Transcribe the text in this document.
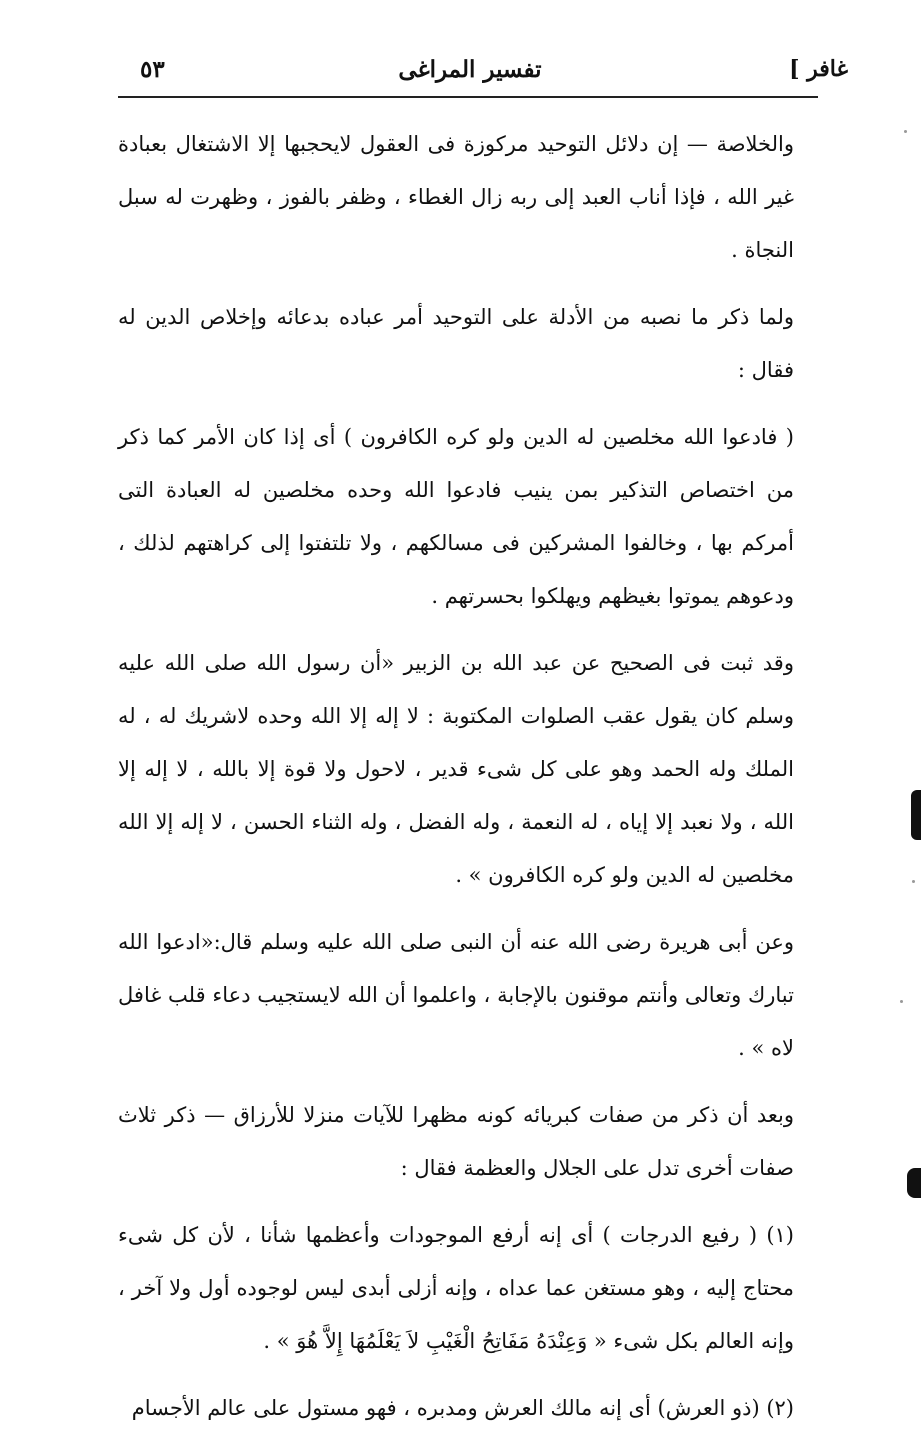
غافر ]
تفسير المراغى
٥٣

والخلاصة — إن دلائل التوحيد مركوزة فى العقول لايحجبها إلا الاشتغال بعبادة غير الله ، فإذا أناب العبد إلى ربه زال الغطاء ، وظفر بالفوز ، وظهرت له سبل النجاة .

ولما ذكر ما نصبه من الأدلة على التوحيد أمر عباده بدعائه وإخلاص الدين له فقال :

( فادعوا الله مخلصين له الدين ولو كره الكافرون ) أى إذا كان الأمر كما ذكر من اختصاص التذكير بمن ينيب فادعوا الله وحده مخلصين له العبادة التى أمركم بها ، وخالفوا المشركين فى مسالكهم ، ولا تلتفتوا إلى كراهتهم لذلك ، ودعوهم يموتوا بغيظهم ويهلكوا بحسرتهم .

وقد ثبت فى الصحيح عن عبد الله بن الزبير «أن رسول الله صلى الله عليه وسلم كان يقول عقب الصلوات المكتوبة : لا إله إلا الله وحده لاشريك له ، له الملك وله الحمد وهو على كل شىء قدير ، لاحول ولا قوة إلا بالله ، لا إله إلا الله ، ولا نعبد إلا إياه ، له النعمة ، وله الفضل ، وله الثناء الحسن ، لا إله إلا الله مخلصين له الدين ولو كره الكافرون » .

وعن أبى هريرة رضى الله عنه أن النبى صلى الله عليه وسلم قال:«ادعوا الله تبارك وتعالى وأنتم موقنون بالإجابة ، واعلموا أن الله لايستجيب دعاء قلب غافل لاه » .

وبعد أن ذكر من صفات كبريائه كونه مظهرا للآيات منزلا للأرزاق — ذكر ثلاث صفات أخرى تدل على الجلال والعظمة فقال :

(١) ( رفيع الدرجات ) أى إنه أرفع الموجودات وأعظمها شأنا ، لأن كل شىء محتاج إليه ، وهو مستغن عما عداه ، وإنه أزلى أبدى ليس لوجوده أول ولا آخر ، وإنه العالم بكل شىء « وَعِنْدَهُ مَفَاتِحُ الْغَيْبِ لاَ يَعْلَمُهَا إِلاَّ هُوَ » .

(٢) (ذو العرش) أى إنه مالك العرش ومدبره ، فهو مستول على عالم الأجسام
